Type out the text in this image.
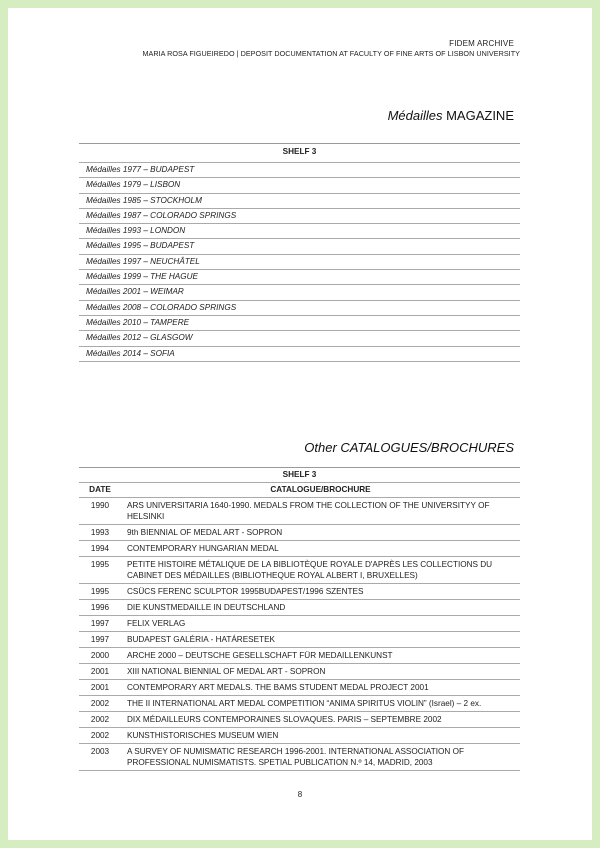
FIDEM ARCHIVE
MARIA ROSA FIGUEIREDO | DEPOSIT DOCUMENTATION AT FACULTY OF FINE ARTS OF LISBON UNIVERSITY
Médailles MAGAZINE
SHELF 3
Médailles 1977 – BUDAPEST
Médailles 1979 – LISBON
Médailles 1985 – STOCKHOLM
Médailles 1987 – COLORADO SPRINGS
Médailles 1993 – LONDON
Médailles 1995 – BUDAPEST
Médailles 1997 – NEUCHÂTEL
Médailles 1999 – THE HAGUE
Médailles 2001 – WEIMAR
Médailles 2008 – COLORADO SPRINGS
Médailles 2010 – TAMPERE
Médailles 2012 – GLASGOW
Médailles 2014 – SOFIA
Other CATALOGUES/BROCHURES
SHELF 3	
DATE	CATALOGUE/BROCHURE
1990	ARS UNIVERSITARIA 1640-1990. MEDALS FROM THE COLLECTION OF THE UNIVERSITYY OF HELSINKI
1993	9th BIENNIAL OF MEDAL ART - SOPRON
1994	CONTEMPORARY HUNGARIAN MEDAL
1995	PETITE HISTOIRE MÉTALIQUE DE LA BIBLIOTÈQUE ROYALE D'APRÈS LES COLLECTIONS DU CABINET DES MÉDAILLES (BIBLIOTHEQUE ROYAL ALBERT I, BRUXELLES)
1995	CSÜCS FERENC SCULPTOR 1995BUDAPEST/1996 SZENTES
1996	DIE KUNSTMEDAILLE IN DEUTSCHLAND
1997	FELIX VERLAG
1997	BUDAPEST GALÉRIA - HATÁRESETEK
2000	ARCHE 2000 – DEUTSCHE GESELLSCHAFT FÜR MEDAILLENKUNST
2001	XIII NATIONAL BIENNIAL OF MEDAL ART - SOPRON
2001	CONTEMPORARY ART MEDALS. THE BAMS STUDENT MEDAL PROJECT 2001
2002	THE II INTERNATIONAL ART MEDAL COMPETITION “ANIMA SPIRITUS VIOLIN” (Israel) – 2 ex.
2002	DIX MÉDAILLEURS CONTEMPORAINES SLOVAQUES. PARIS – SEPTEMBRE 2002
2002	KUNSTHISTORISCHES MUSEUM WIEN
2003	A SURVEY OF NUMISMATIC RESEARCH 1996-2001. INTERNATIONAL ASSOCIATION OF PROFESSIONAL NUMISMATISTS. SPETIAL PUBLICATION N.º 14, MADRID, 2003
8
